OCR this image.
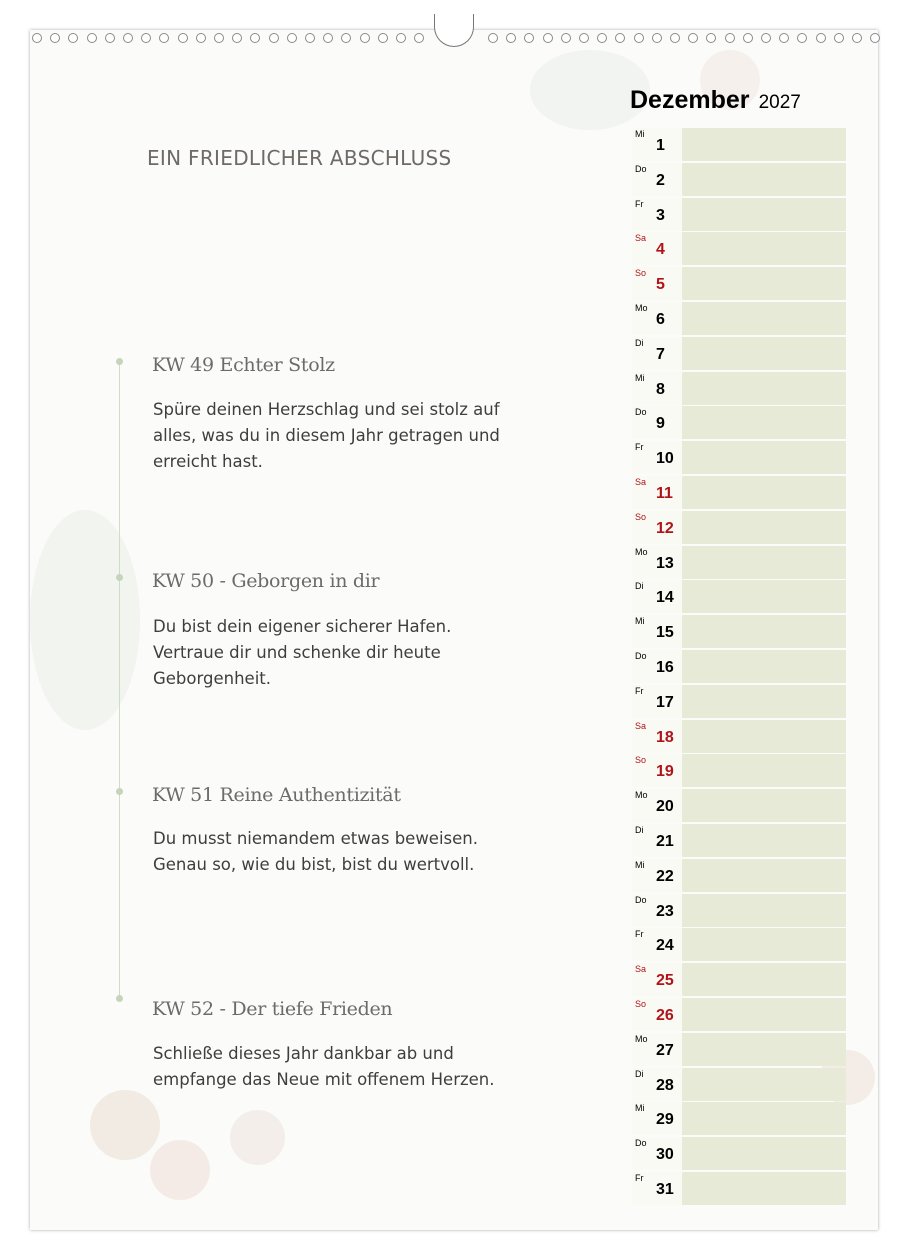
EIN FRIEDLICHER ABSCHLUSS
KW 49 Echter Stolz
Spüre deinen Herzschlag und sei stolz auf alles, was du in diesem Jahr getragen und erreicht hast.
KW 50 - Geborgen in dir
Du bist dein eigener sicherer Hafen. Vertraue dir und schenke dir heute Geborgenheit.
KW 51 Reine Authentizität
Du musst niemandem etwas beweisen. Genau so, wie du bist, bist du wertvoll.
KW 52 - Der tiefe Frieden
Schließe dieses Jahr dankbar ab und empfange das Neue mit offenem Herzen.
Dezember 2027
Mi
1
Do
2
Fr
3
Sa
4
So
5
Mo
6
Di
7
Mi
8
Do
9
Fr
10
Sa
11
So
12
Mo
13
Di
14
Mi
15
Do
16
Fr
17
Sa
18
So
19
Mo
20
Di
21
Mi
22
Do
23
Fr
24
Sa
25
So
26
Mo
27
Di
28
Mi
29
Do
30
Fr
31
